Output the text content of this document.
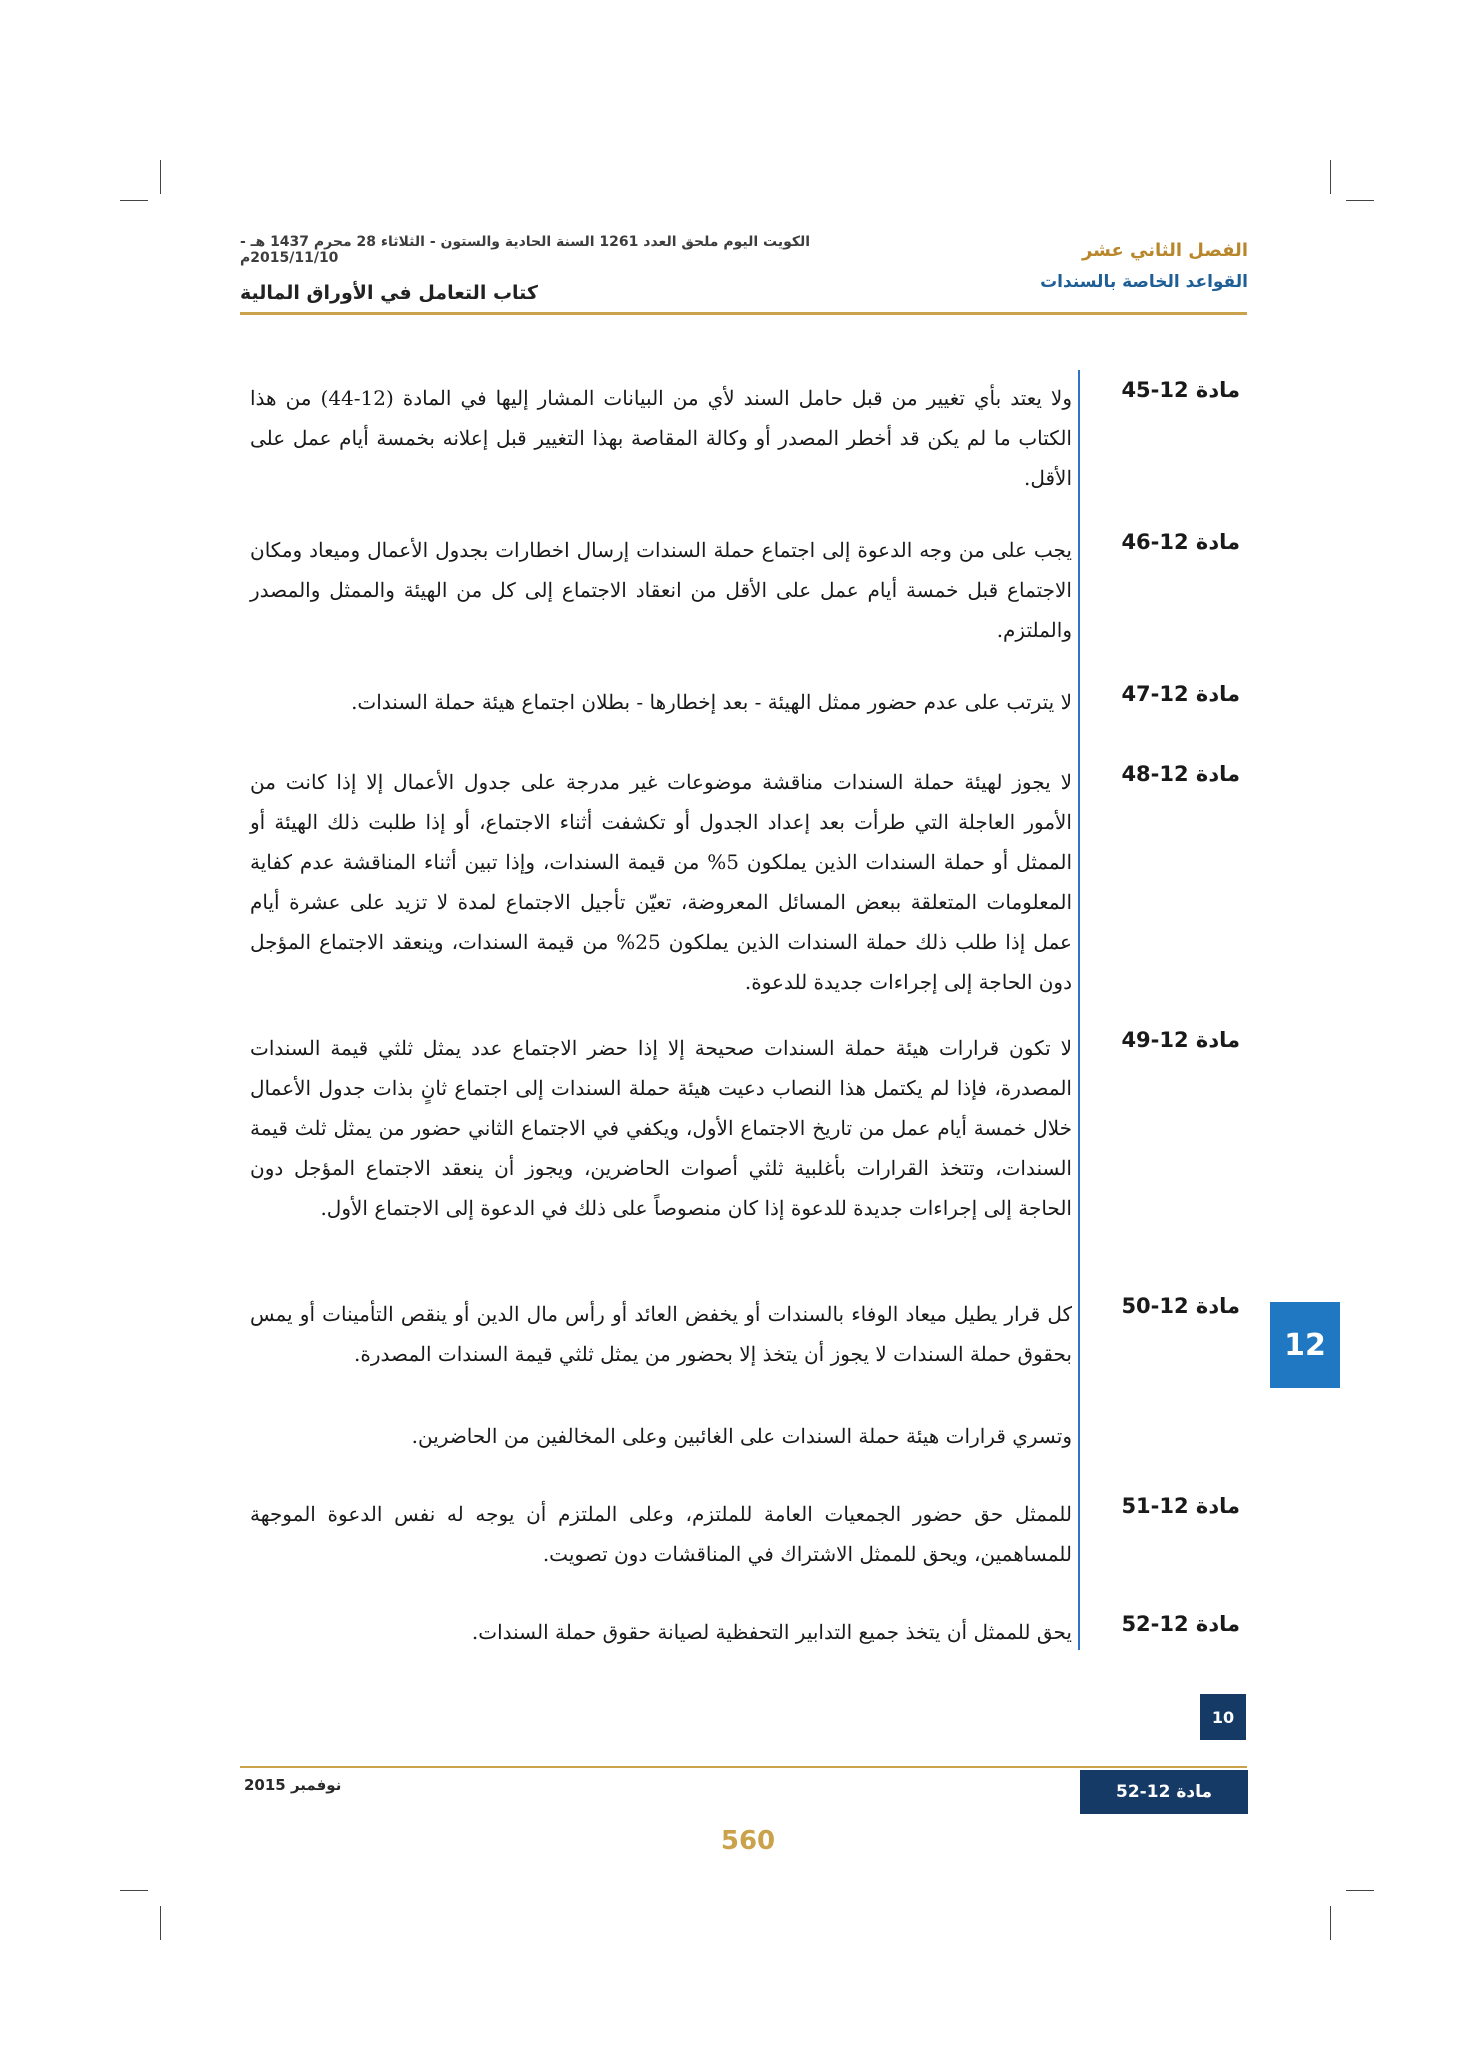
الكويت اليوم ملحق العدد 1261 السنة الحادية والستون - الثلاثاء 28 محرم 1437 هـ - 2015/11/10م	الفصل الثاني عشر
القواعد الخاصة بالسندات
كتاب التعامل في الأوراق المالية
مادة 12-45
ولا يعتد بأي تغيير من قبل حامل السند لأي من البيانات المشار إليها في المادة (12-44) من هذا الكتاب ما لم يكن قد أخطر المصدر أو وكالة المقاصة بهذا التغيير قبل إعلانه بخمسة أيام عمل على الأقل.
مادة 12-46
يجب على من وجه الدعوة إلى اجتماع حملة السندات إرسال اخطارات بجدول الأعمال وميعاد ومكان الاجتماع قبل خمسة أيام عمل على الأقل من انعقاد الاجتماع إلى كل من الهيئة والممثل والمصدر والملتزم.
مادة 12-47
لا يترتب على عدم حضور ممثل الهيئة - بعد إخطارها - بطلان اجتماع هيئة حملة السندات.
مادة 12-48
لا يجوز لهيئة حملة السندات مناقشة موضوعات غير مدرجة على جدول الأعمال إلا إذا كانت من الأمور العاجلة التي طرأت بعد إعداد الجدول أو تكشفت أثناء الاجتماع، أو إذا طلبت ذلك الهيئة أو الممثل أو حملة السندات الذين يملكون 5% من قيمة السندات، وإذا تبين أثناء المناقشة عدم كفاية المعلومات المتعلقة ببعض المسائل المعروضة، تعيّن تأجيل الاجتماع لمدة لا تزيد على عشرة أيام عمل إذا طلب ذلك حملة السندات الذين يملكون 25% من قيمة السندات، وينعقد الاجتماع المؤجل دون الحاجة إلى إجراءات جديدة للدعوة.
مادة 12-49
لا تكون قرارات هيئة حملة السندات صحيحة إلا إذا حضر الاجتماع عدد يمثل ثلثي قيمة السندات المصدرة، فإذا لم يكتمل هذا النصاب دعيت هيئة حملة السندات إلى اجتماع ثانٍ بذات جدول الأعمال خلال خمسة أيام عمل من تاريخ الاجتماع الأول، ويكفي في الاجتماع الثاني حضور من يمثل ثلث قيمة السندات، وتتخذ القرارات بأغلبية ثلثي أصوات الحاضرين، ويجوز أن ينعقد الاجتماع المؤجل دون الحاجة إلى إجراءات جديدة للدعوة إذا كان منصوصاً على ذلك في الدعوة إلى الاجتماع الأول.
مادة 12-50
كل قرار يطيل ميعاد الوفاء بالسندات أو يخفض العائد أو رأس مال الدين أو ينقص التأمينات أو يمس بحقوق حملة السندات لا يجوز أن يتخذ إلا بحضور من يمثل ثلثي قيمة السندات المصدرة.
وتسري قرارات هيئة حملة السندات على الغائبين وعلى المخالفين من الحاضرين.
مادة 12-51
للممثل حق حضور الجمعيات العامة للملتزم، وعلى الملتزم أن يوجه له نفس الدعوة الموجهة للمساهمين، ويحق للممثل الاشتراك في المناقشات دون تصويت.
مادة 12-52
يحق للممثل أن يتخذ جميع التدابير التحفظية لصيانة حقوق حملة السندات.
12
10
نوفمبر 2015	مادة 12-52
560
